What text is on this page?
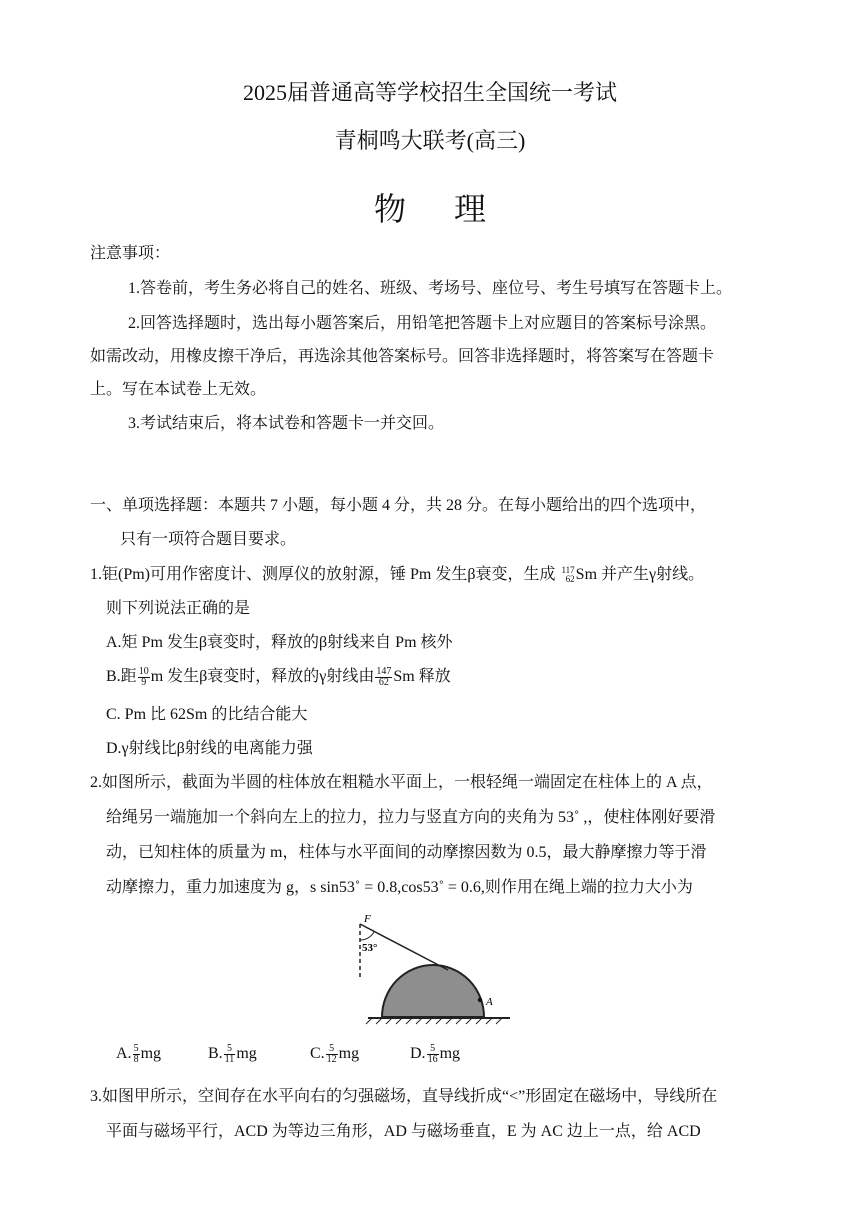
2025届普通高等学校招生全国统一考试
青桐鸣大联考(高三)
物 理
注意事项：
1.答卷前，考生务必将自己的姓名、班级、考场号、座位号、考生号填写在答题卡上。
2.回答选择题时，选出每小题答案后，用铅笔把答题卡上对应题目的答案标号涂黑。
如需改动，用橡皮擦干净后，再选涂其他答案标号。回答非选择题时，将答案写在答题卡
上。写在本试卷上无效。
3.考试结束后，将本试卷和答题卡一并交回。
一、单项选择题：本题共 7 小题，每小题 4 分，共 28 分。在每小题给出的四个选项中，
只有一项符合题目要求。
1.钜(Pm)可用作密度计、测厚仪的放射源，锤 Pm 发生β衰变，生成 117
62 Sm 并产生γ射线。
则下列说法正确的是
A.矩 Pm 发生β衰变时，释放的β射线来自 Pm 核外
B.距 $\frac{10}{9}$ m 发生β衰变时，释放的γ射线由 $\frac{147}{62}$ Sm 释放
C. Pm 比 62Sm 的比结合能大
D.γ射线比β射线的电离能力强
2.如图所示，截面为半圆的柱体放在粗糙水平面上，一根轻绳一端固定在柱体上的 A 点，
给绳另一端施加一个斜向左上的拉力，拉力与竖直方向的夹角为 53˚ ,，使柱体刚好要滑
动，已知柱体的质量为 m，柱体与水平面间的动摩擦因数为 0.5，最大静摩擦力等于滑
动摩擦力，重力加速度为 g，s sin53˚ = 0.8,cos53˚ = 0.6,则作用在绳上端的拉力大小为
F
53°
A
A. $\frac{5}{8}$ mg	B. $\frac{5}{11}$ mg	C. $\frac{5}{12}$ mg	D. $\frac{5}{16}$ mg
3.如图甲所示，空间存在水平向右的匀强磁场，直导线折成“<”形固定在磁场中，导线所在
平面与磁场平行，ACD 为等边三角形，AD 与磁场垂直，E 为 AC 边上一点，给 ACD
